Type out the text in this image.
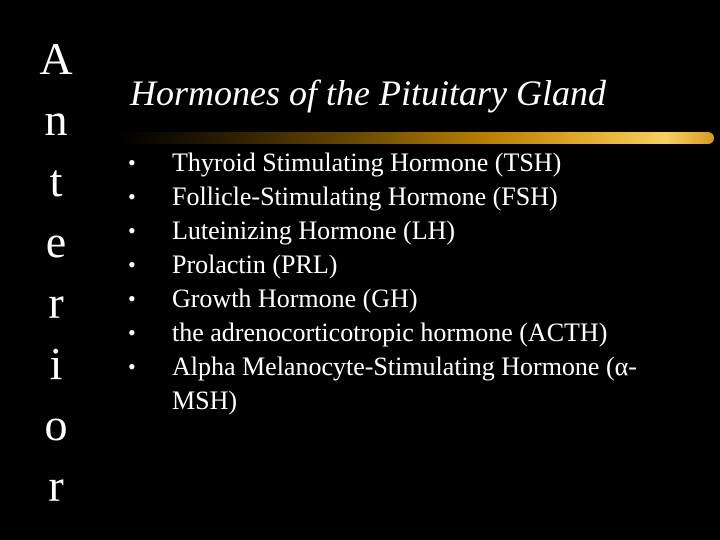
A
n
t
e
r
i
o
r
Hormones of the Pituitary Gland
•	Thyroid Stimulating Hormone (TSH)
•	Follicle-Stimulating Hormone (FSH)
•	Luteinizing Hormone (LH)
•	Prolactin (PRL)
•	Growth Hormone (GH)
•	the adrenocorticotropic hormone (ACTH)
•	Alpha Melanocyte-Stimulating Hormone (α-MSH)
